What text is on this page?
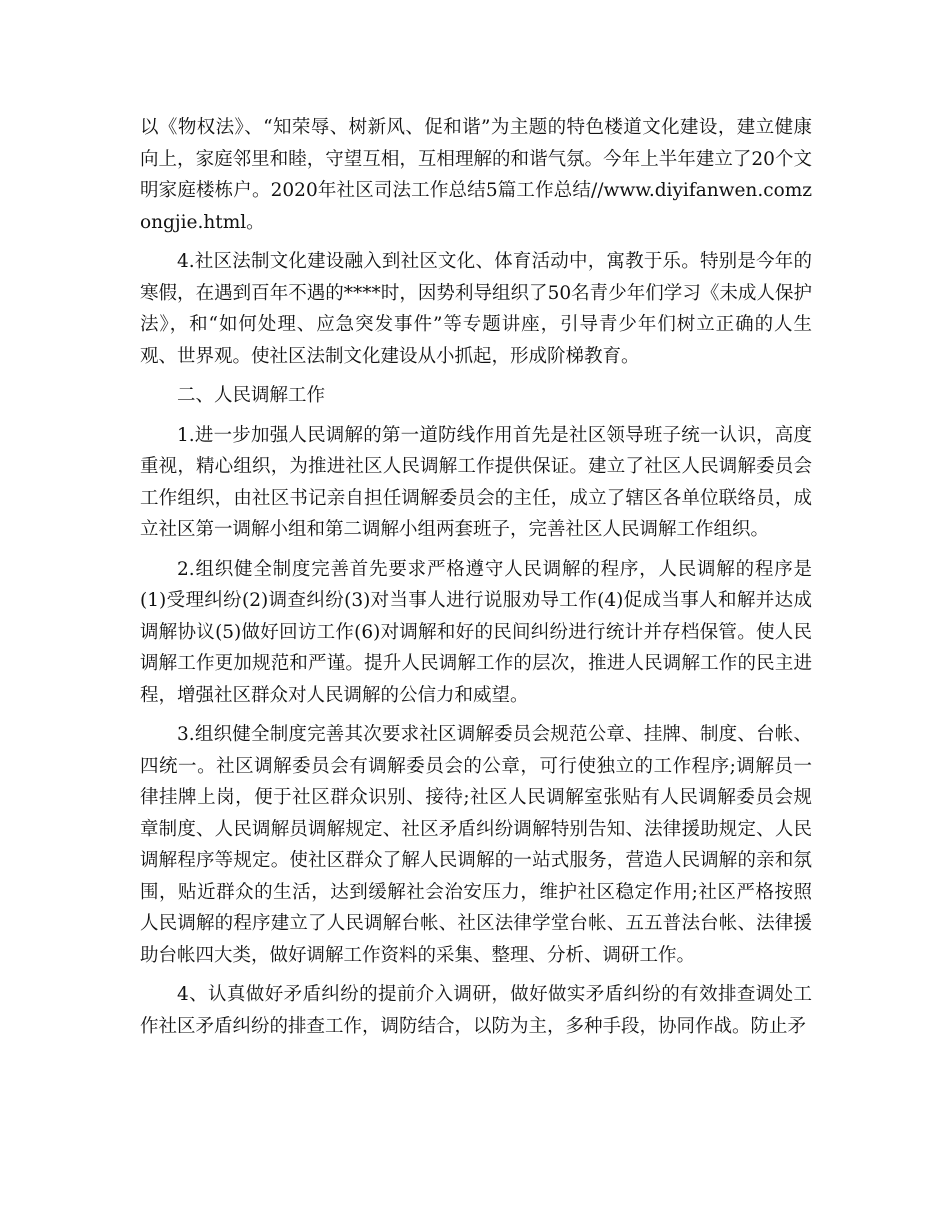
以《物权法》、“知荣辱、树新风、促和谐”为主题的特色楼道文化建设，建立健康向上，家庭邻里和睦，守望互相，互相理解的和谐气氛。今年上半年建立了20个文明家庭楼栋户。2020年社区司法工作总结5篇工作总结//www.diyifanwen.comzongjie.html。

4.社区法制文化建设融入到社区文化、体育活动中，寓教于乐。特别是今年的寒假，在遇到百年不遇的****时，因势利导组织了50名青少年们学习《未成人保护法》，和“如何处理、应急突发事件”等专题讲座，引导青少年们树立正确的人生观、世界观。使社区法制文化建设从小抓起，形成阶梯教育。

二、人民调解工作

1.进一步加强人民调解的第一道防线作用首先是社区领导班子统一认识，高度重视，精心组织，为推进社区人民调解工作提供保证。建立了社区人民调解委员会工作组织，由社区书记亲自担任调解委员会的主任，成立了辖区各单位联络员，成立社区第一调解小组和第二调解小组两套班子，完善社区人民调解工作组织。

2.组织健全制度完善首先要求严格遵守人民调解的程序，人民调解的程序是(1)受理纠纷(2)调查纠纷(3)对当事人进行说服劝导工作(4)促成当事人和解并达成调解协议(5)做好回访工作(6)对调解和好的民间纠纷进行统计并存档保管。使人民调解工作更加规范和严谨。提升人民调解工作的层次，推进人民调解工作的民主进程，增强社区群众对人民调解的公信力和威望。

3.组织健全制度完善其次要求社区调解委员会规范公章、挂牌、制度、台帐、四统一。社区调解委员会有调解委员会的公章，可行使独立的工作程序;调解员一律挂牌上岗，便于社区群众识别、接待;社区人民调解室张贴有人民调解委员会规章制度、人民调解员调解规定、社区矛盾纠纷调解特别告知、法律援助规定、人民调解程序等规定。使社区群众了解人民调解的一站式服务，营造人民调解的亲和氛围，贴近群众的生活，达到缓解社会治安压力，维护社区稳定作用;社区严格按照人民调解的程序建立了人民调解台帐、社区法律学堂台帐、五五普法台帐、法律援助台帐四大类，做好调解工作资料的采集、整理、分析、调研工作。

4、认真做好矛盾纠纷的提前介入调研，做好做实矛盾纠纷的有效排查调处工作社区矛盾纠纷的排查工作，调防结合，以防为主，多种手段，协同作战。防止矛
